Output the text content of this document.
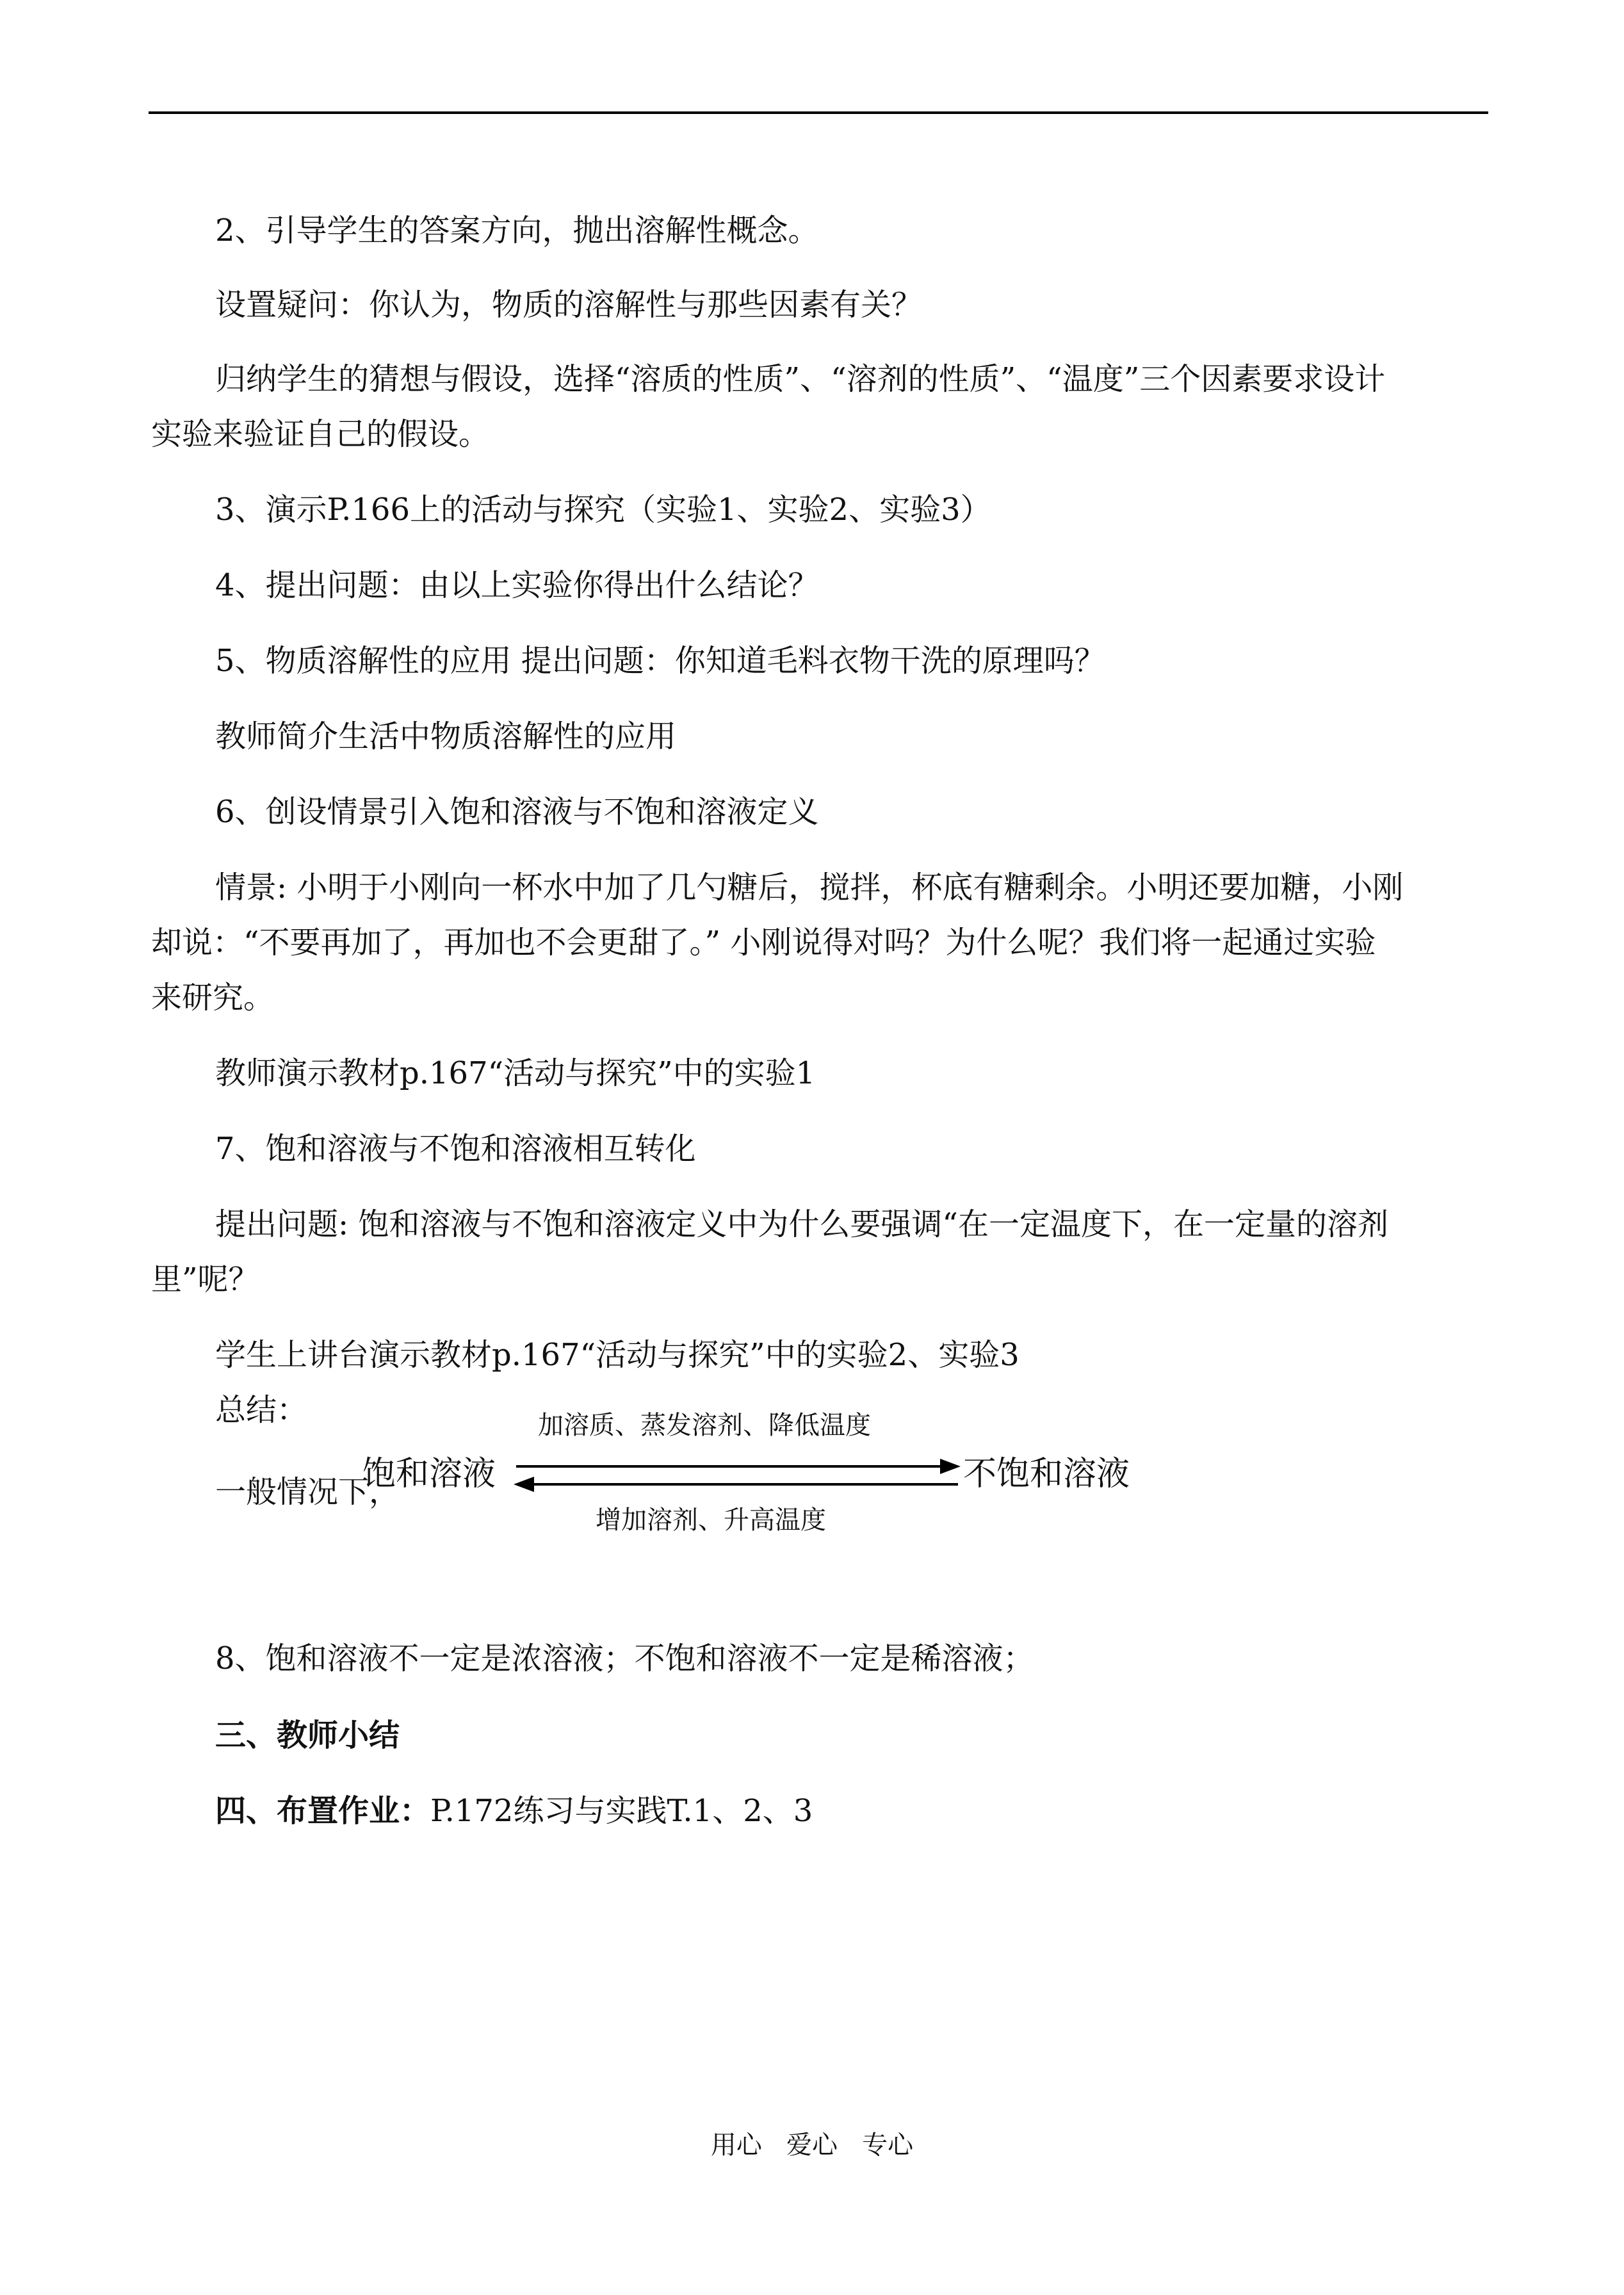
2、引导学生的答案方向，抛出溶解性概念。
设置疑问：你认为，物质的溶解性与那些因素有关？
归纳学生的猜想与假设，选择“溶质的性质”、“溶剂的性质”、“温度”三个因素要求设计
实验来验证自己的假设。
3、演示P.166上的活动与探究（实验1、实验2、实验3）
4、提出问题：由以上实验你得出什么结论？
5、物质溶解性的应用 提出问题：你知道毛料衣物干洗的原理吗？
教师简介生活中物质溶解性的应用
6、创设情景引入饱和溶液与不饱和溶液定义
情景: 小明于小刚向一杯水中加了几勺糖后，搅拌，杯底有糖剩余。小明还要加糖，小刚
却说：“不要再加了，再加也不会更甜了。” 小刚说得对吗？为什么呢？我们将一起通过实验
来研究。
教师演示教材p.167“活动与探究”中的实验1
7、饱和溶液与不饱和溶液相互转化
提出问题: 饱和溶液与不饱和溶液定义中为什么要强调“在一定温度下，在一定量的溶剂
里”呢？
学生上讲台演示教材p.167“活动与探究”中的实验2、实验3
总结：
一般情况下，
饱和溶液
加溶质、蒸发溶剂、降低温度
不饱和溶液
增加溶剂、升高温度
8、饱和溶液不一定是浓溶液；不饱和溶液不一定是稀溶液；
三、教师小结
四、布置作业：P.172练习与实践T.1、2、3
用心   爱心   专心
